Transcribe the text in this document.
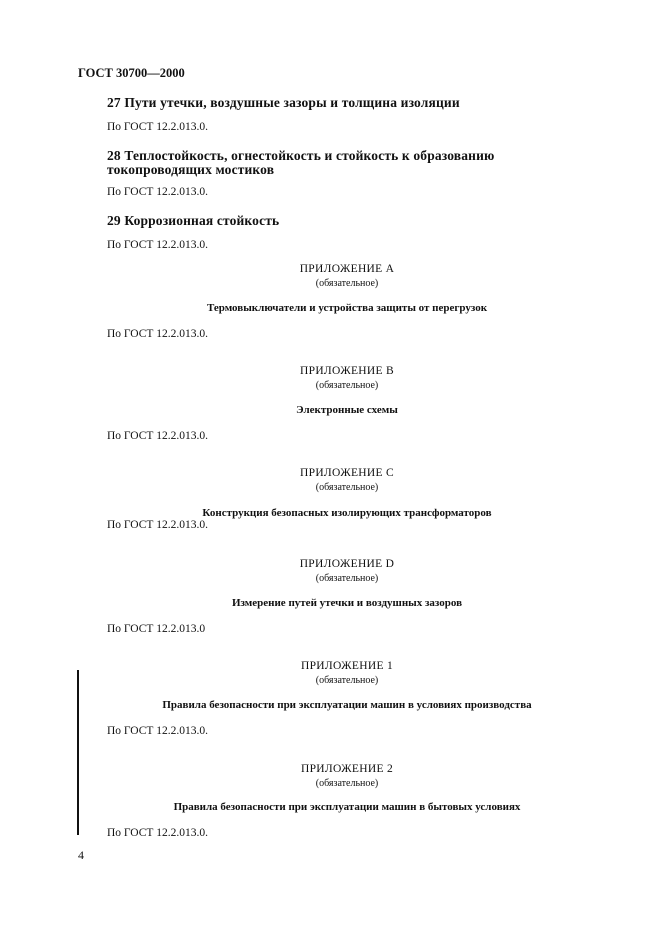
ГОСТ 30700—2000
27 Пути утечки, воздушные зазоры и толщина изоляции
По ГОСТ 12.2.013.0.
28 Теплостойкость, огнестойкость и стойкость к образованию
токопроводящих мостиков
По ГОСТ 12.2.013.0.
29 Коррозионная стойкость
По ГОСТ 12.2.013.0.
ПРИЛОЖЕНИЕ А
(обязательное)
Термовыключатели и устройства защиты от перегрузок
По ГОСТ 12.2.013.0.
ПРИЛОЖЕНИЕ В
(обязательное)
Электронные схемы
По ГОСТ 12.2.013.0.
ПРИЛОЖЕНИЕ С
(обязательное)
Конструкция безопасных изолирующих трансформаторов
По ГОСТ 12.2.013.0.
ПРИЛОЖЕНИЕ D
(обязательное)
Измерение путей утечки и воздушных зазоров
По ГОСТ 12.2.013.0
ПРИЛОЖЕНИЕ 1
(обязательное)
Правила безопасности при эксплуатации машин в условиях производства
По ГОСТ 12.2.013.0.
ПРИЛОЖЕНИЕ 2
(обязательное)
Правила безопасности при эксплуатации машин в бытовых условиях
По ГОСТ 12.2.013.0.
4
